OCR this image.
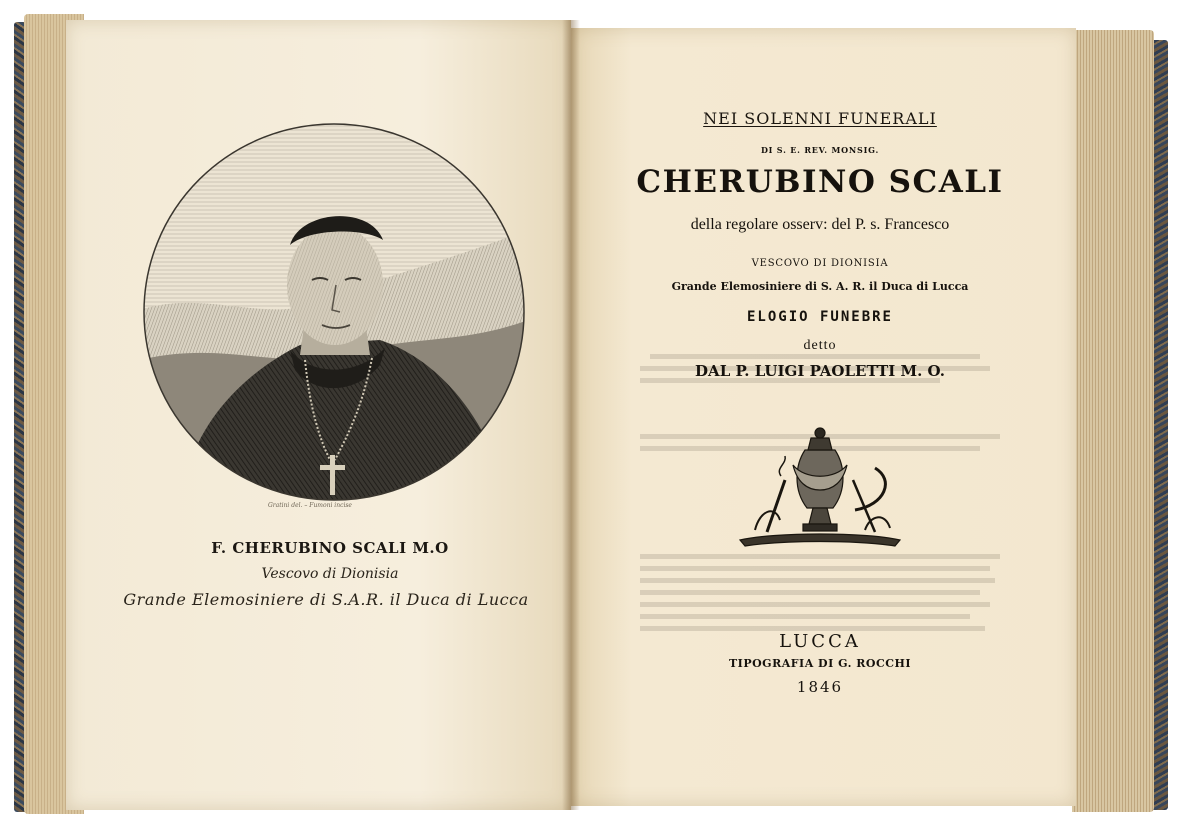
Gratini del. – Fumoni incise
F. CHERUBINO SCALI M.O
Vescovo di Dionisia
Grande Elemosiniere di S.A.R. il Duca di Lucca
NEI SOLENNI FUNERALI
DI S. E. REV. MONSIG.
CHERUBINO SCALI
della regolare osserv: del P. s. Francesco
VESCOVO DI DIONISIA
Grande Elemosiniere di S. A. R. il Duca di Lucca
ELOGIO FUNEBRE
detto
DAL P. LUIGI PAOLETTI M. O.
LUCCA
TIPOGRAFIA DI G. ROCCHI
1846
